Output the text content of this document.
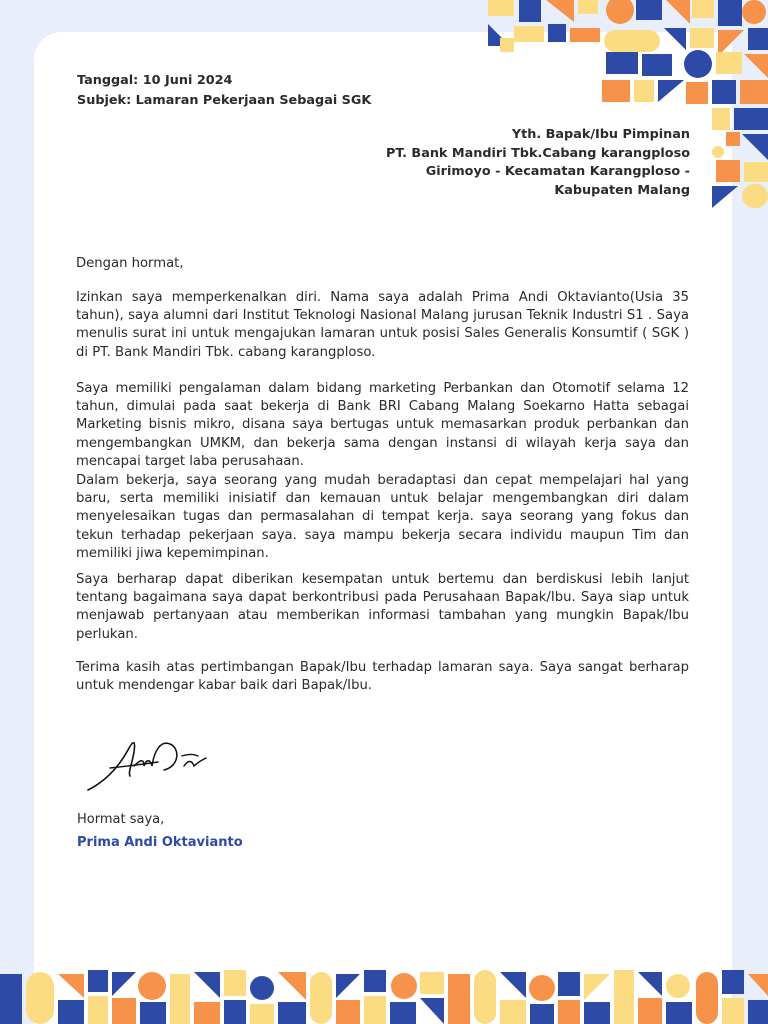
Tanggal: 10 Juni 2024
Subjek: Lamaran Pekerjaan Sebagai SGK
Yth. Bapak/Ibu Pimpinan
PT. Bank Mandiri Tbk.Cabang karangploso
Girimoyo - Kecamatan Karangploso -
Kabupaten Malang
Dengan hormat,
Izinkan saya memperkenalkan diri. Nama saya adalah Prima Andi Oktavianto(Usia 35 tahun), saya alumni dari Institut Teknologi Nasional Malang jurusan Teknik Industri S1 . Saya menulis surat ini untuk mengajukan lamaran untuk posisi Sales Generalis Konsumtif ( SGK ) di PT. Bank Mandiri Tbk. cabang karangploso.
Saya memiliki pengalaman dalam bidang marketing Perbankan dan Otomotif selama 12 tahun, dimulai pada saat bekerja di Bank BRI Cabang Malang Soekarno Hatta sebagai Marketing bisnis mikro, disana saya bertugas untuk memasarkan produk perbankan dan mengembangkan UMKM, dan bekerja sama dengan instansi di wilayah kerja saya dan mencapai target laba perusahaan.
Dalam bekerja, saya seorang yang mudah beradaptasi dan cepat mempelajari hal yang baru, serta memiliki inisiatif dan kemauan untuk belajar mengembangkan diri dalam menyelesaikan tugas dan permasalahan di tempat kerja. saya seorang yang fokus dan tekun terhadap pekerjaan saya. saya mampu bekerja secara individu maupun Tim dan memiliki jiwa kepemimpinan.
Saya berharap dapat diberikan kesempatan untuk bertemu dan berdiskusi lebih lanjut tentang bagaimana saya dapat berkontribusi pada Perusahaan Bapak/Ibu. Saya siap untuk menjawab pertanyaan atau memberikan informasi tambahan yang mungkin Bapak/Ibu perlukan.
Terima kasih atas pertimbangan Bapak/Ibu terhadap lamaran saya. Saya sangat berharap untuk mendengar kabar baik dari Bapak/Ibu.
Hormat saya,
Prima Andi Oktavianto
